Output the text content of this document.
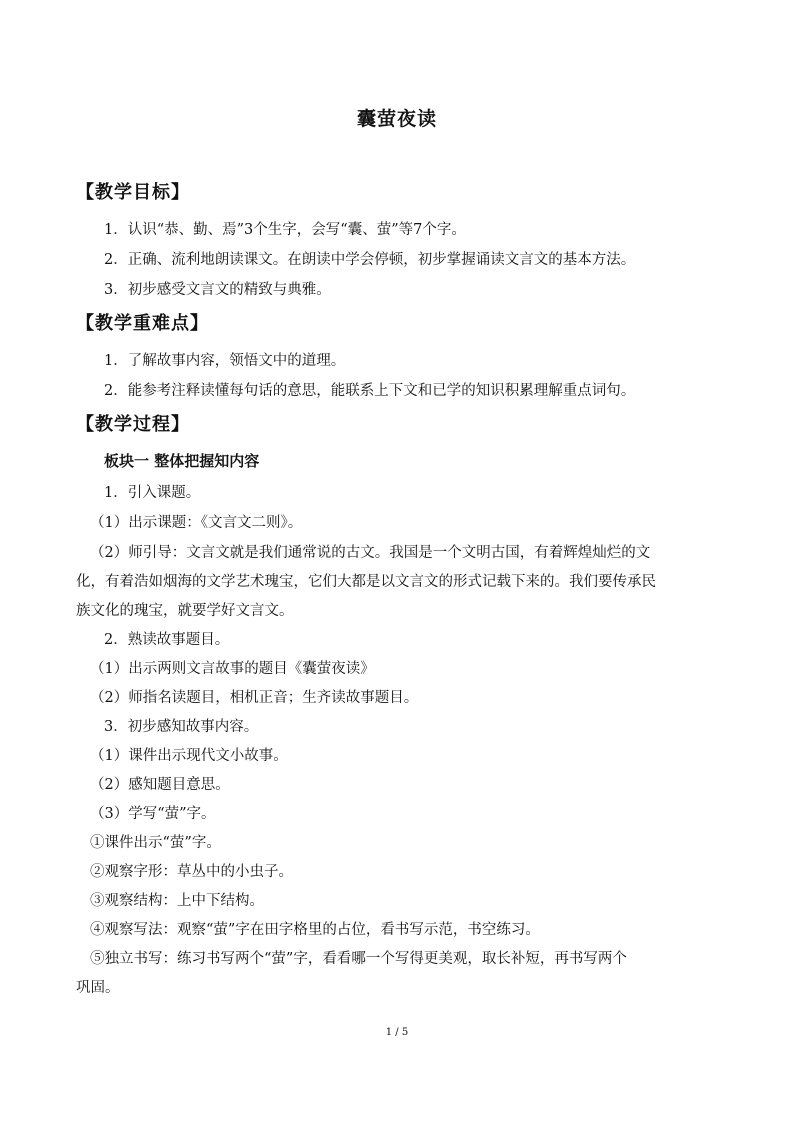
囊萤夜读
【教学目标】
1．认识“恭、勤、焉”3个生字，会写“囊、萤”等7个字。
2．正确、流利地朗读课文。在朗读中学会停顿，初步掌握诵读文言文的基本方法。
3．初步感受文言文的精致与典雅。
【教学重难点】
1．了解故事内容，领悟文中的道理。
2．能参考注释读懂每句话的意思，能联系上下文和已学的知识积累理解重点词句。
【教学过程】
板块一 整体把握知内容
1．引入课题。
（1）出示课题：《文言文二则》。
（2）师引导：文言文就是我们通常说的古文。我国是一个文明古国，有着辉煌灿烂的文
化，有着浩如烟海的文学艺术瑰宝，它们大都是以文言文的形式记载下来的。我们要传承民
族文化的瑰宝，就要学好文言文。
2．熟读故事题目。
（1）出示两则文言故事的题目《囊萤夜读》
（2）师指名读题目，相机正音；生齐读故事题目。
3．初步感知故事内容。
（1）课件出示现代文小故事。
（2）感知题目意思。
（3）学写“萤”字。
①课件出示“萤”字。
②观察字形：草丛中的小虫子。
③观察结构：上中下结构。
④观察写法：观察“萤”字在田字格里的占位，看书写示范，书空练习。
⑤独立书写：练习书写两个“萤”字，看看哪一个写得更美观，取长补短，再书写两个
巩固。
1 / 5
